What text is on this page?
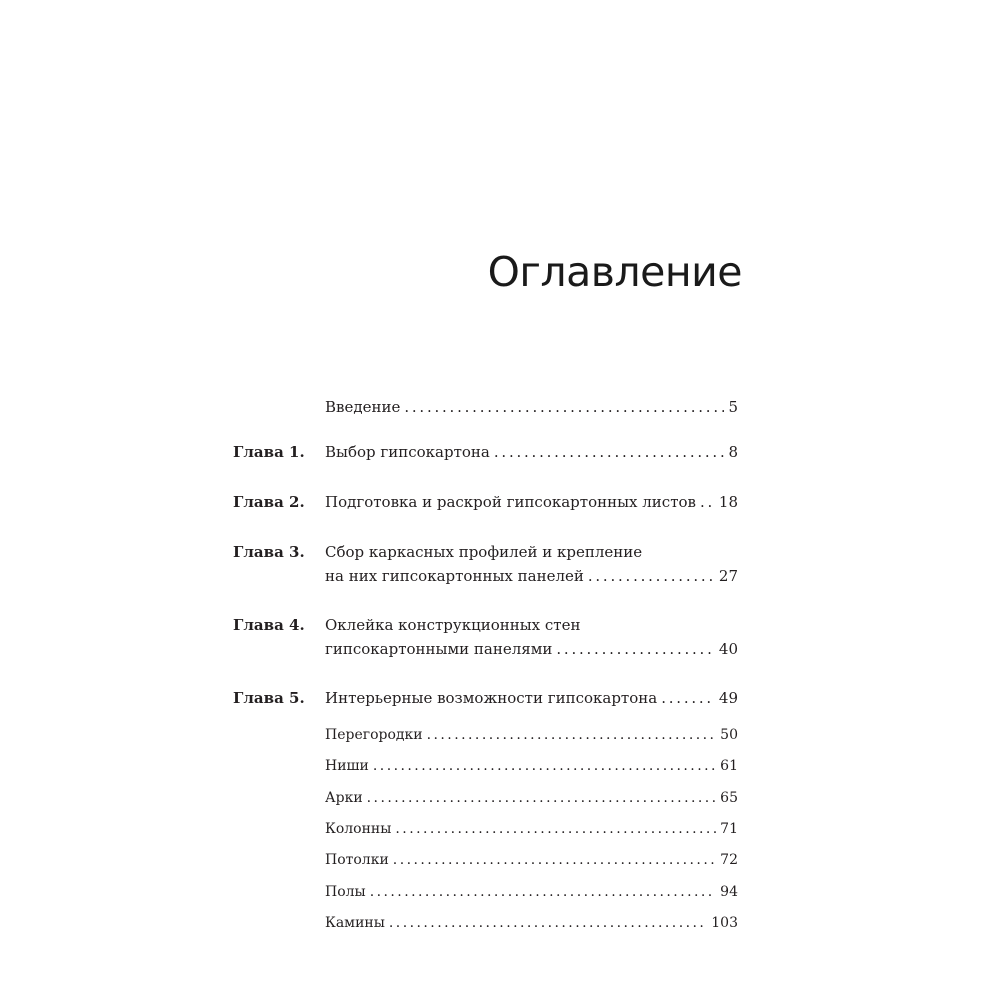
Оглавление
Введение . . .	5
Глава 1. Выбор гипсокартона . . .	8
Глава 2. Подготовка и раскрой гипсокартонных листов . . . 18
Глава 3. Сбор каркасных профилей и крепление
на них гипсокартонных панелей . . .	27
Глава 4. Оклейка конструкционных стен
гипсокартонными панелями . . .	40
Глава 5. Интерьерные возможности гипсокартона . . .	49
Перегородки . . .	50
Ниши . . .	61
Арки . . .	65
Колонны . . .	71
Потолки . . .	72
Полы . . .	94
Камины . . .	103
